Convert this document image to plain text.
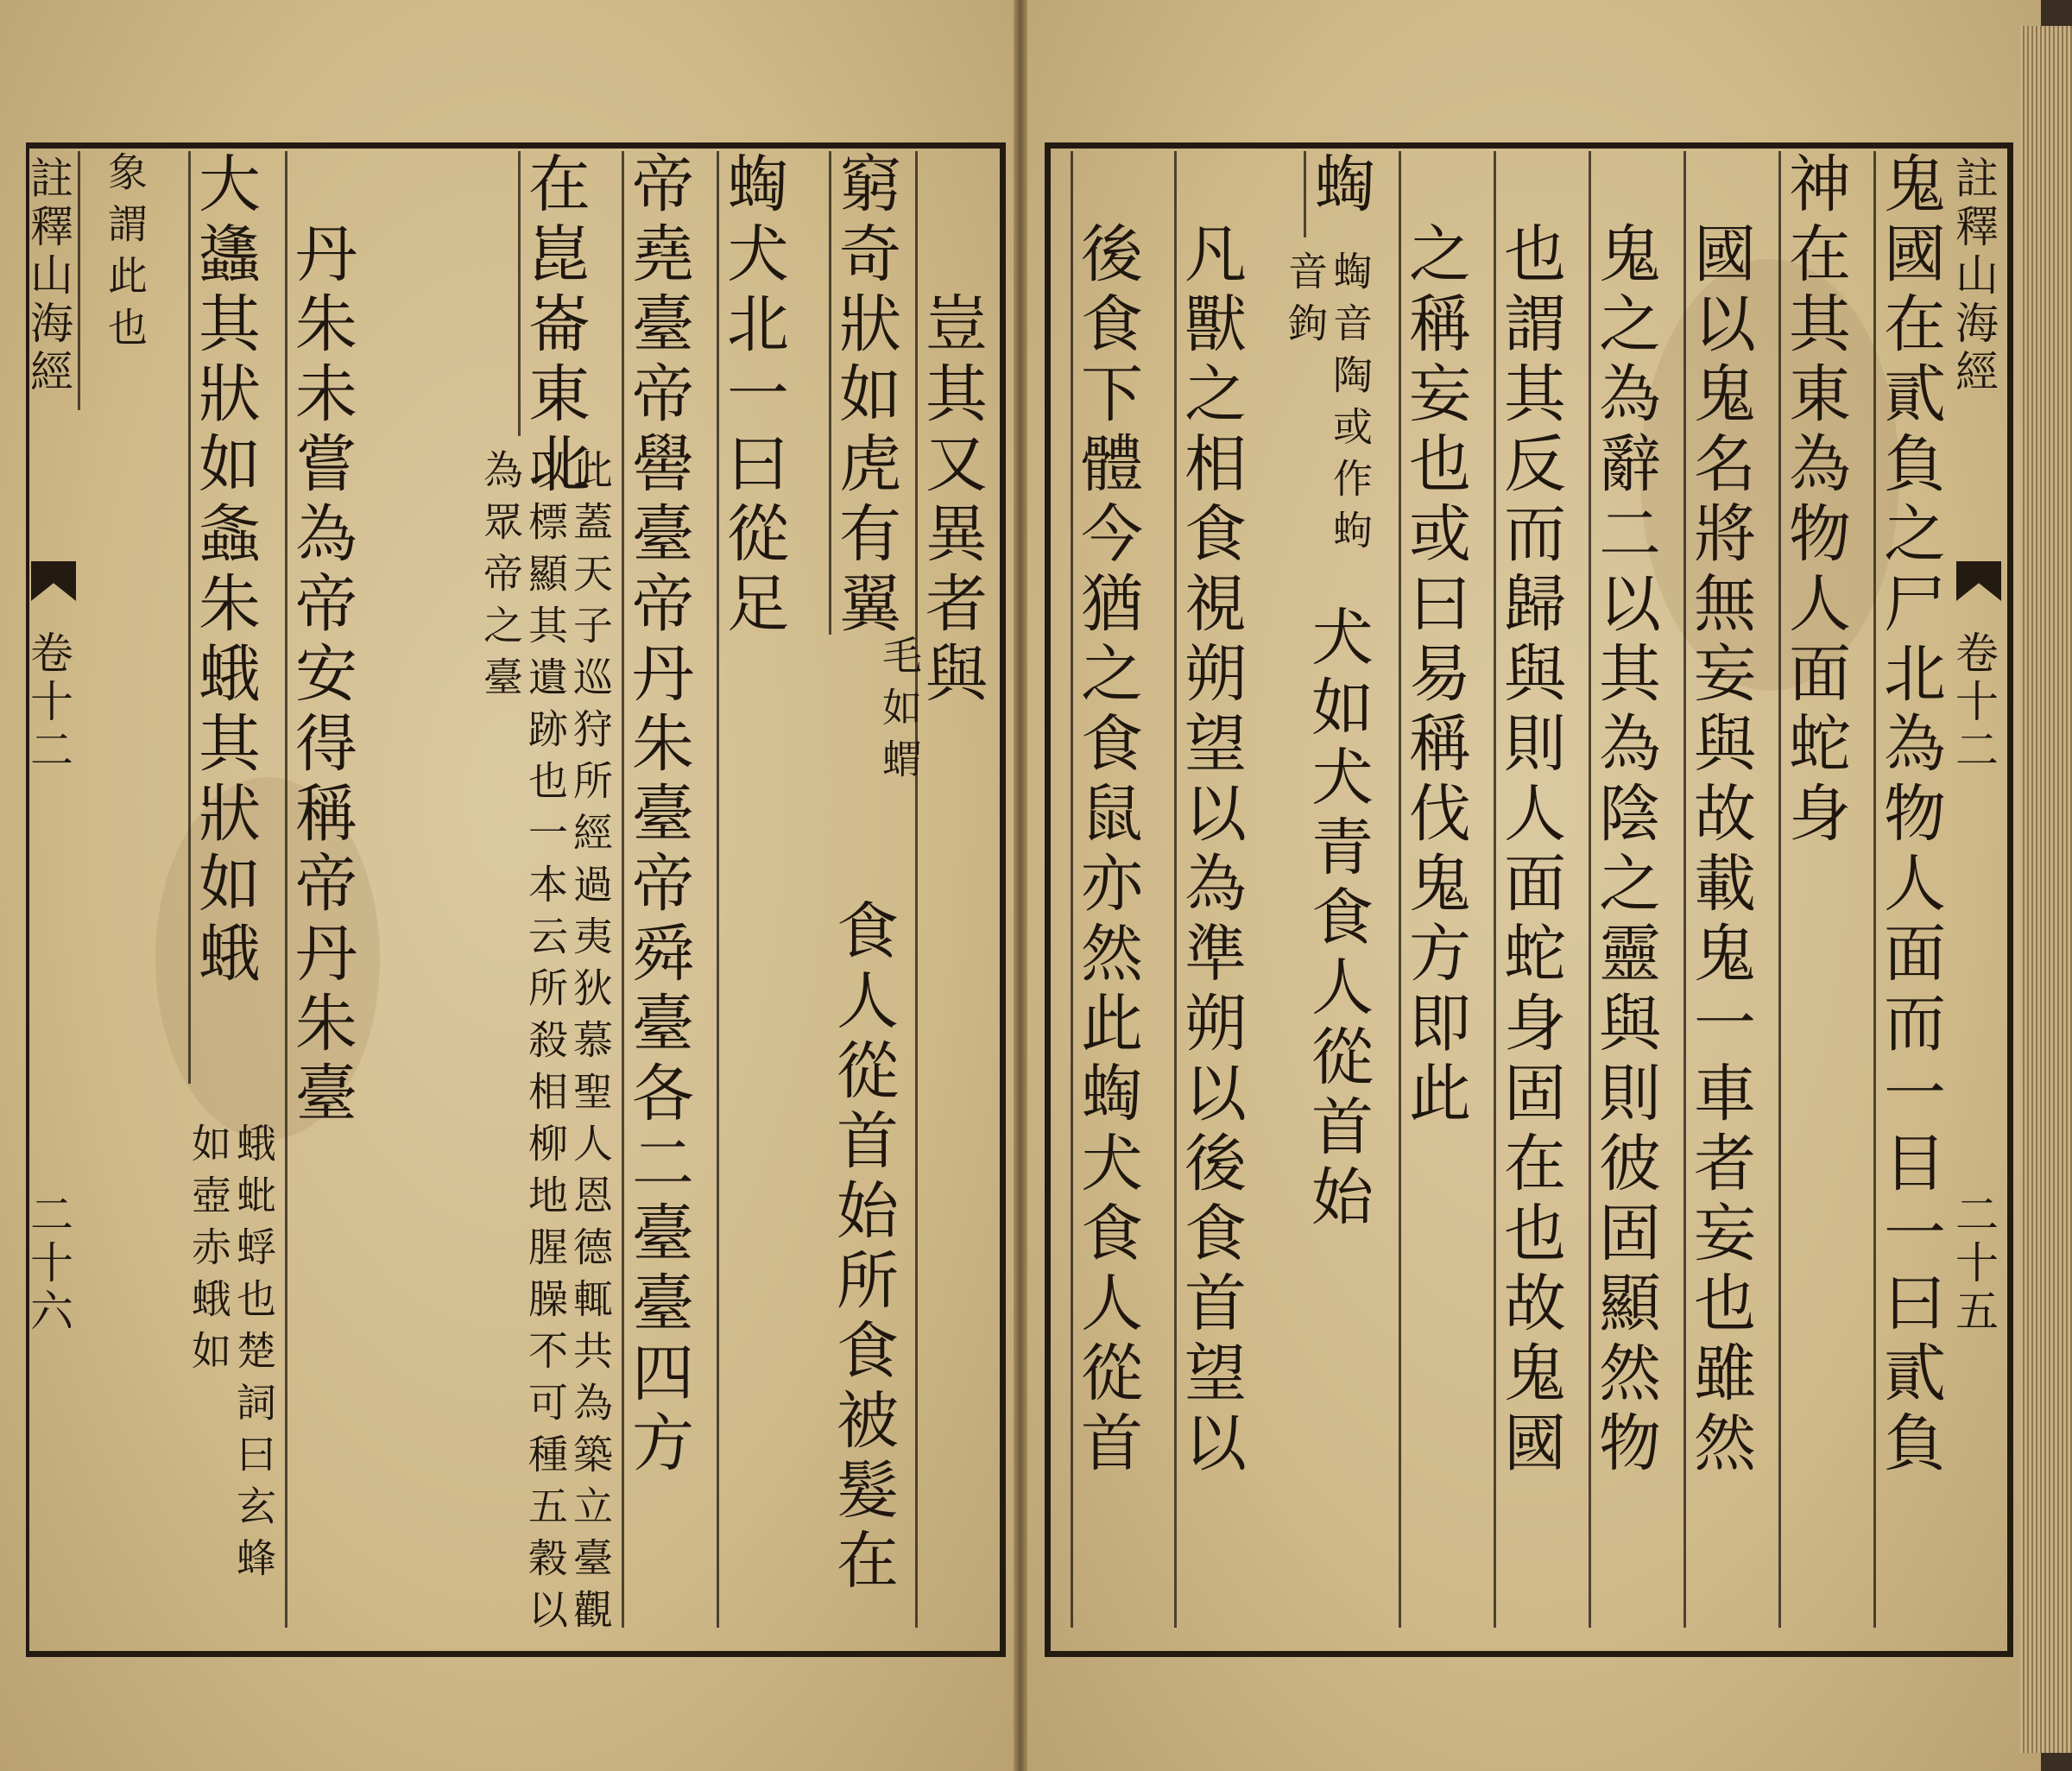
註釋山海經
卷十二
二十六
　　豈其又異者與
窮奇狀如虎有翼
毛如蝟
食人從首始所食被髮在
蜪犬北一曰從足
帝堯臺帝嚳臺帝丹朱臺帝舜臺各二臺臺四方
在崑崙東北
此蓋天子巡狩所經過夷狄慕聖人恩德輒共為築立臺觀以標顯其遺跡也一本云所殺相柳地腥臊不可種五穀以為眾帝之臺
　丹朱未嘗為帝安得稱帝丹朱臺
大蠭其狀如螽朱蛾其狀如蛾
蛾蚍蜉也楚詞曰玄蜂如壺赤蛾如
象謂此也	註釋山海經
卷十二
二十五
鬼國在貳負之尸北為物人面而一目一曰貳負
神在其東為物人面蛇身
　國以鬼名將無妄與故載鬼一車者妄也雖然
　鬼之為辭二以其為陰之靈與則彼固顯然物
　也謂其反而歸與則人面蛇身固在也故鬼國
　之稱妄也或曰易稱伐鬼方即此
蜪
蜪音陶或作蚼音鉤
犬如犬青食人從首始
　凡獸之相食視朔望以為準朔以後食首望以
　後食下體今猶之食鼠亦然此蜪犬食人從首
